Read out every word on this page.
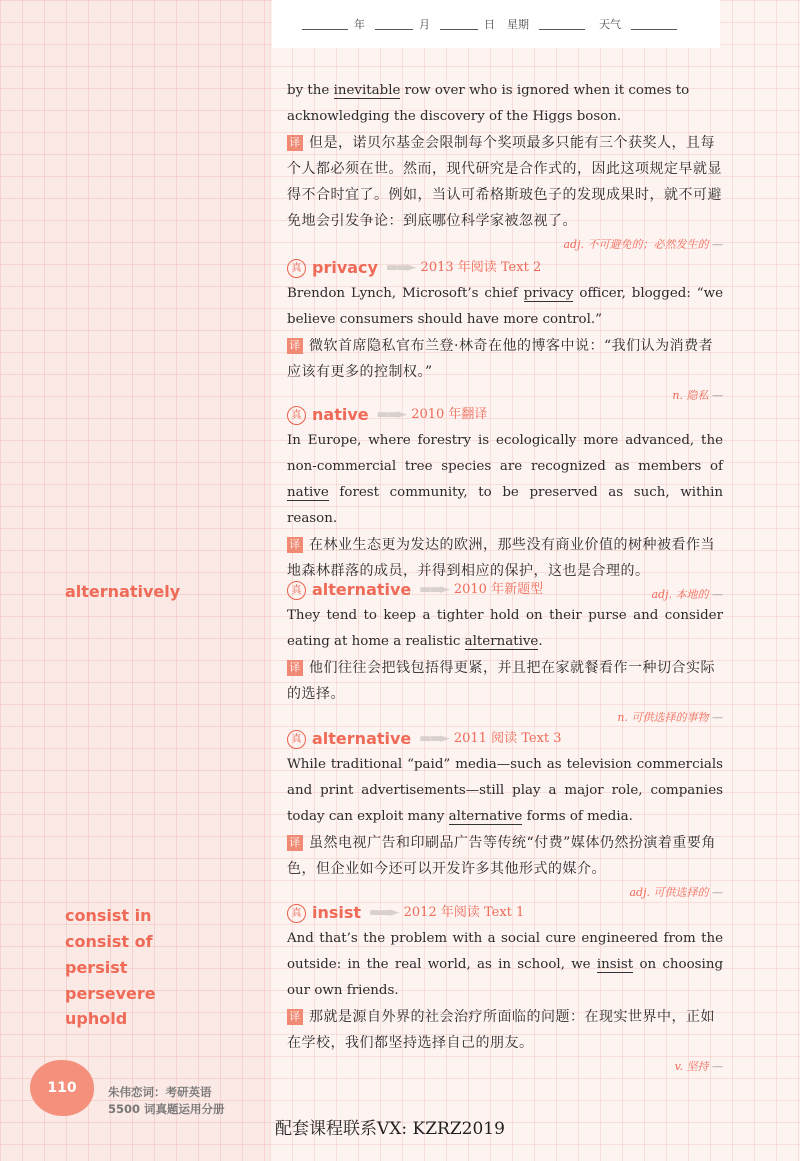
年	月	日 星期	天气
alternatively
consist in
consist of
persist
persevere
uphold

by the inevitable row over who is ignored when it comes to

acknowledging the discovery of the Higgs boson.

译 但是，诺贝尔基金会限制每个奖项最多只能有三个获奖人，且每个人都必须在世。然而，现代研究是合作式的，因此这项规定早就显得不合时宜了。例如，当认可希格斯玻色子的发现成果时，就不可避免地会引发争论：到底哪位科学家被忽视了。

adj. 不可避免的；必然发生的 —
真 privacy ▬▬► 2013 年阅读 Text 2

Brendon Lynch, Microsoft’s chief privacy officer, blogged: “we believe consumers should have more control.”

译 微软首席隐私官布兰登·林奇在他的博客中说：“我们认为消费者应该有更多的控制权。”

n. 隐私 —
真 native ▬▬► 2010 年翻译

In Europe, where forestry is ecologically more advanced, the non-commercial tree species are recognized as members of native forest community, to be preserved as such, within reason.

译 在林业生态更为发达的欧洲，那些没有商业价值的树种被看作当地森林群落的成员，并得到相应的保护，这也是合理的。

adj. 本地的 —
真 alternative ▬▬► 2010 年新题型

They tend to keep a tighter hold on their purse and consider eating at home a realistic alternative.

译 他们往往会把钱包捂得更紧，并且把在家就餐看作一种切合实际的选择。

n. 可供选择的事物 —
真 alternative ▬▬► 2011 阅读 Text 3

While traditional “paid” media—such as television commercials and print advertisements—still play a major role, companies today can exploit many alternative forms of media.

译 虽然电视广告和印刷品广告等传统“付费”媒体仍然扮演着重要角色，但企业如今还可以开发许多其他形式的媒介。

adj. 可供选择的 —
真 insist ▬▬► 2012 年阅读 Text 1

And that’s the problem with a social cure engineered from the outside: in the real world, as in school, we insist on choosing our own friends.

译 那就是源自外界的社会治疗所面临的问题：在现实世界中，正如在学校，我们都坚持选择自己的朋友。

v. 坚持 —
110	朱伟恋词：考研英语
5500 词真题运用分册
配套课程联系VX: KZRZ2019
